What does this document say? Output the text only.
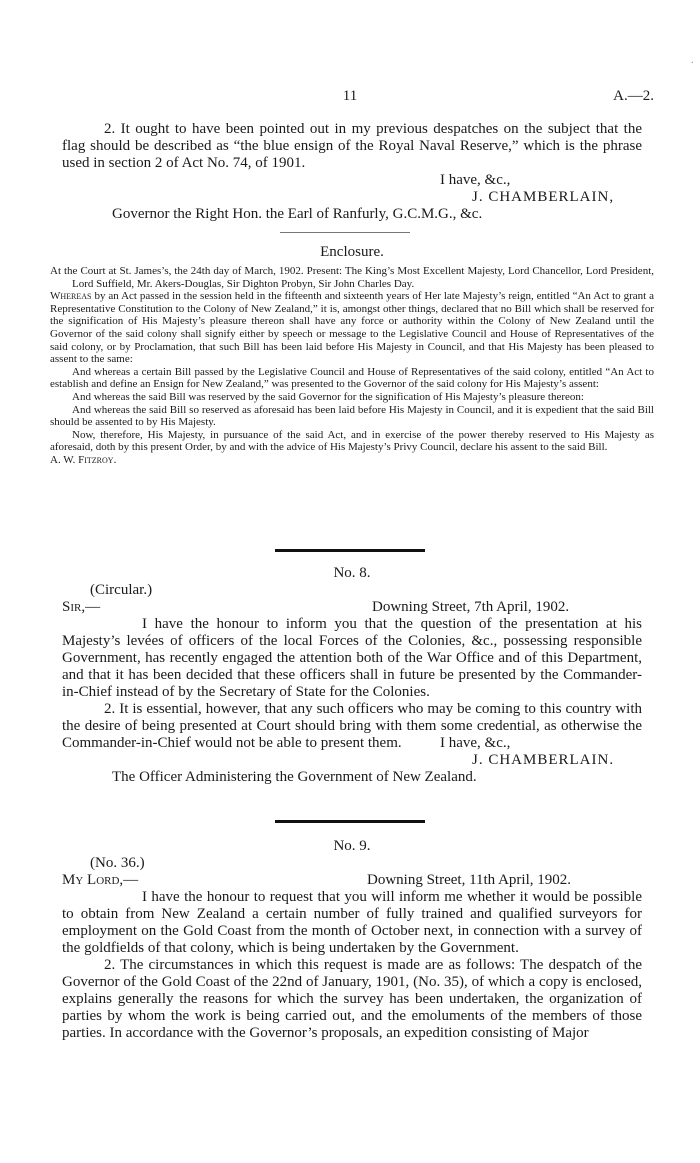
11	A.—2.
·

2. It ought to have been pointed out in my previous despatches on the subject that the flag should be described as “the blue ensign of the Royal Naval Reserve,” which is the phrase used in section 2 of Act No. 74, of 1901.

I have, &c.,

J. CHAMBERLAIN,

Governor the Right Hon. the Earl of Ranfurly, G.C.M.G., &c.

Enclosure.

At the Court at St. James’s, the 24th day of March, 1902. Present: The King’s Most Excellent Majesty, Lord Chancellor, Lord President, Lord Suffield, Mr. Akers-Douglas, Sir Dighton Probyn, Sir John Charles Day.

Whereas by an Act passed in the session held in the fifteenth and sixteenth years of Her late Majesty’s reign, entitled “An Act to grant a Representative Constitution to the Colony of New Zealand,” it is, amongst other things, declared that no Bill which shall be reserved for the signification of His Majesty’s pleasure thereon shall have any force or authority within the Colony of New Zealand until the Governor of the said colony shall signify either by speech or message to the Legislative Council and House of Representatives of the said colony, or by Proclamation, that such Bill has been laid before His Majesty in Council, and that His Majesty has been pleased to assent to the same:

And whereas a certain Bill passed by the Legislative Council and House of Representatives of the said colony, entitled “An Act to establish and define an Ensign for New Zealand,” was presented to the Governor of the said colony for His Majesty’s assent:

And whereas the said Bill was reserved by the said Governor for the signification of His Majesty’s pleasure thereon:

And whereas the said Bill so reserved as aforesaid has been laid before His Majesty in Council, and it is expedient that the said Bill should be assented to by His Majesty.

Now, therefore, His Majesty, in pursuance of the said Act, and in exercise of the power thereby reserved to His Majesty as aforesaid, doth by this present Order, by and with the advice of His Majesty’s Privy Council, declare his assent to the said Bill.

A. W. Fitzroy.

No. 8.

(Circular.)

Sir,—	Downing Street, 7th April, 1902.

I have the honour to inform you that the question of the presentation at his Majesty’s levées of officers of the local Forces of the Colonies, &c., possessing responsible Government, has recently engaged the attention both of the War Office and of this Department, and that it has been decided that these officers shall in future be presented by the Commander-in-Chief instead of by the Secretary of State for the Colonies.

2. It is essential, however, that any such officers who may be coming to this country with the desire of being presented at Court should bring with them some credential, as otherwise the Commander-in-Chief would not be able to present them.	I have, &c.,

J. CHAMBERLAIN.

The Officer Administering the Government of New Zealand.

No. 9.

(No. 36.)

My Lord,—	Downing Street, 11th April, 1902.

I have the honour to request that you will inform me whether it would be possible to obtain from New Zealand a certain number of fully trained and qualified surveyors for employment on the Gold Coast from the month of October next, in connection with a survey of the goldfields of that colony, which is being undertaken by the Government.

2. The circumstances in which this request is made are as follows: The despatch of the Governor of the Gold Coast of the 22nd of January, 1901, (No. 35), of which a copy is enclosed, explains generally the reasons for which the survey has been undertaken, the organization of parties by whom the work is being carried out, and the emoluments of the members of those parties. In accordance with the Governor’s proposals, an expedition consisting of Major
